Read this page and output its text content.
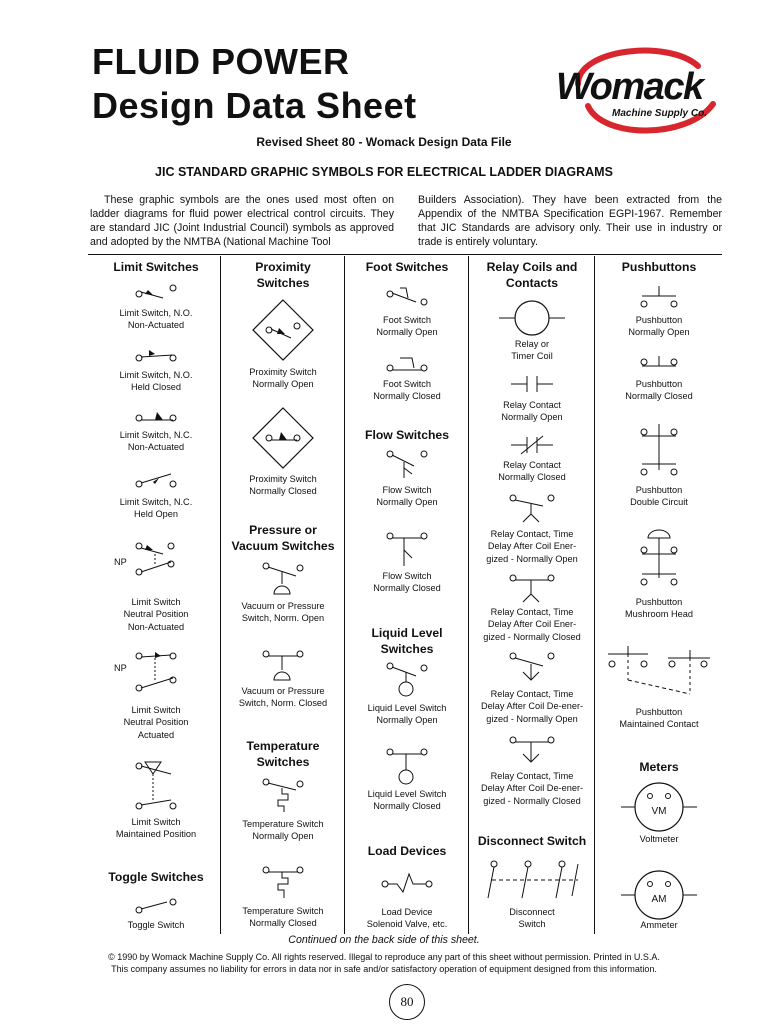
FLUID POWER
Design Data Sheet	Womack
Machine Supply Co.
Revised Sheet 80 - Womack Design Data File
JIC STANDARD GRAPHIC SYMBOLS FOR ELECTRICAL LADDER DIAGRAMS
These graphic symbols are the ones used most often on ladder diagrams for fluid power electrical control circuits. They are standard JIC (Joint Industrial Council) symbols as approved and adopted by the NMTBA (National Machine Tool
Builders Association). They have been extracted from the Appendix of the NMTBA Specification EGPI-1967. Remember that JIC Standards are advisory only. Their use in industry or trade is entirely voluntary.
Limit Switches
Limit Switch, N.O.
Non-Actuated
Limit Switch, N.O.
Held Closed
Limit Switch, N.C.
Non-Actuated
Limit Switch, N.C.
Held Open
NP
Limit Switch
Neutral Position
Non-Actuated
NP
Limit Switch
Neutral Position
Actuated
Limit Switch
Maintained Position
Toggle Switches
Toggle Switch
Proximity
Switches
Proximity Switch
Normally Open
Proximity Switch
Normally Closed
Pressure or
Vacuum Switches
Vacuum or Pressure
Switch, Norm. Open
Vacuum or Pressure
Switch, Norm. Closed
Temperature
Switches
Temperature Switch
Normally Open
Temperature Switch
Normally Closed
Foot Switches
Foot Switch
Normally Open
Foot Switch
Normally Closed
Flow Switches
Flow Switch
Normally Open
Flow Switch
Normally Closed
Liquid Level
Switches
Liquid Level Switch
Normally Open
Liquid Level Switch
Normally Closed
Load Devices
Load Device
Solenoid Valve, etc.
Relay Coils and
Contacts
Relay or
Timer Coil
Relay Contact
Normally Open
Relay Contact
Normally Closed
Relay Contact, Time
Delay After Coil Ener-
gized - Normally Open
Relay Contact, Time
Delay After Coil Ener-
gized - Normally Closed
Relay Contact, Time
Delay After Coil De-ener-
gized - Normally Open
Relay Contact, Time
Delay After Coil De-ener-
gized - Normally Closed
Disconnect Switch
Disconnect
Switch
Pushbuttons
Pushbutton
Normally Open
Pushbutton
Normally Closed
Pushbutton
Double Circuit
Pushbutton
Mushroom Head
Pushbutton
Maintained Contact
Meters
VM
Voltmeter
AM
Ammeter
Continued on the back side of this sheet.
© 1990 by Womack Machine Supply Co. All rights reserved. Illegal to reproduce any part of this sheet without permission. Printed in U.S.A.
This company assumes no liability for errors in data nor in safe and/or satisfactory operation of equipment designed from this information.
80
